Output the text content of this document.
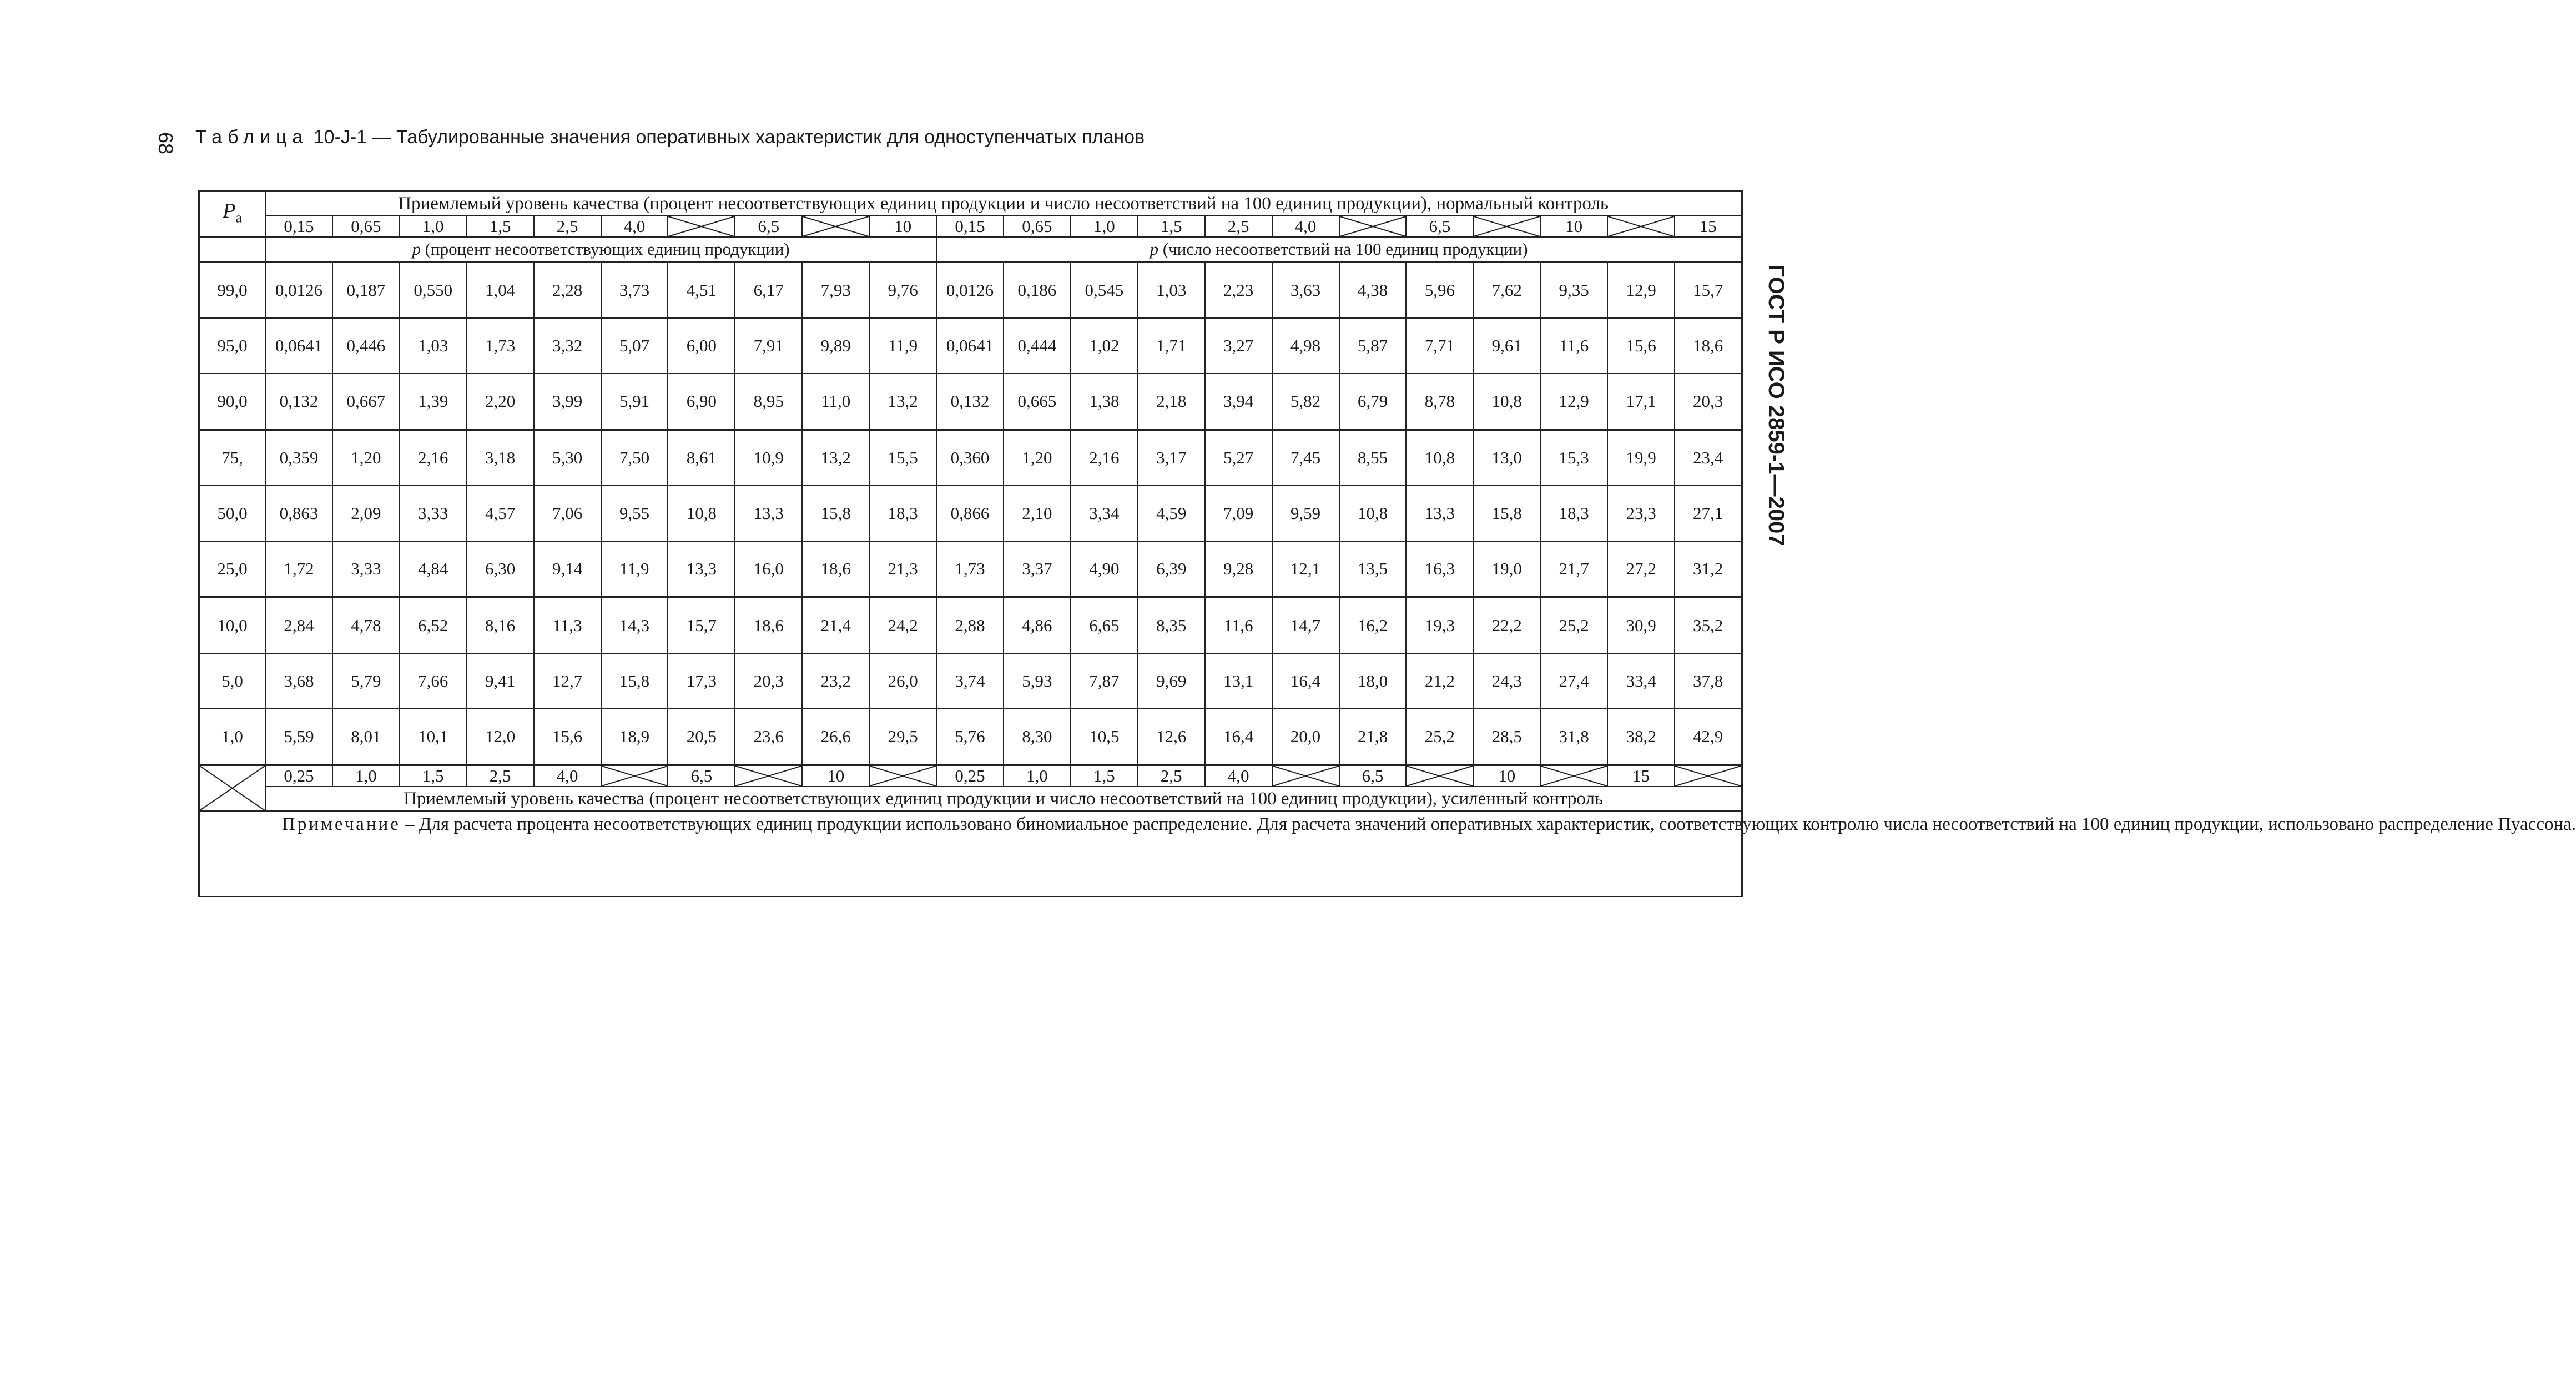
68 Таблица 10-J-1 — Табулированные значения оперативных характеристик для одноступенчатых планов
ГОСТ Р ИСО 2859-1—2007
$P_a$	Приемлемый уровень качества (процент несоответствующих единиц продукции и число несоответствий на 100 единиц продукции), нормальный контроль																					
	0,15	0,65	1,0	1,5	2,5	4,0		6,5		10	0,15	0,65	1,0	1,5	2,5	4,0		6,5		10		15
	p (процент несоответствующих единиц продукции)										p (число несоответствий на 100 единиц продукции)											
99,0	0,0126	0,187	0,550	1,04	2,28	3,73	4,51	6,17	7,93	9,76	0,0126	0,186	0,545	1,03	2,23	3,63	4,38	5,96	7,62	9,35	12,9	15,7
95,0	0,0641	0,446	1,03	1,73	3,32	5,07	6,00	7,91	9,89	11,9	0,0641	0,444	1,02	1,71	3,27	4,98	5,87	7,71	9,61	11,6	15,6	18,6
90,0	0,132	0,667	1,39	2,20	3,99	5,91	6,90	8,95	11,0	13,2	0,132	0,665	1,38	2,18	3,94	5,82	6,79	8,78	10,8	12,9	17,1	20,3
75,	0,359	1,20	2,16	3,18	5,30	7,50	8,61	10,9	13,2	15,5	0,360	1,20	2,16	3,17	5,27	7,45	8,55	10,8	13,0	15,3	19,9	23,4
50,0	0,863	2,09	3,33	4,57	7,06	9,55	10,8	13,3	15,8	18,3	0,866	2,10	3,34	4,59	7,09	9,59	10,8	13,3	15,8	18,3	23,3	27,1
25,0	1,72	3,33	4,84	6,30	9,14	11,9	13,3	16,0	18,6	21,3	1,73	3,37	4,90	6,39	9,28	12,1	13,5	16,3	19,0	21,7	27,2	31,2
10,0	2,84	4,78	6,52	8,16	11,3	14,3	15,7	18,6	21,4	24,2	2,88	4,86	6,65	8,35	11,6	14,7	16,2	19,3	22,2	25,2	30,9	35,2
5,0	3,68	5,79	7,66	9,41	12,7	15,8	17,3	20,3	23,2	26,0	3,74	5,93	7,87	9,69	13,1	16,4	18,0	21,2	24,3	27,4	33,4	37,8
1,0	5,59	8,01	10,1	12,0	15,6	18,9	20,5	23,6	26,6	29,5	5,76	8,30	10,5	12,6	16,4	20,0	21,8	25,2	28,5	31,8	38,2	42,9

	0,25	1,0	1,5	2,5	4,0		6,5		10		0,25	1,0	1,5	2,5	4,0		6,5		10		15	

	Приемлемый уровень качества (процент несоответствующих единиц продукции и число несоответствий на 100 единиц продукции), усиленный контроль																					
Примечание – Для расчета процента несоответствующих единиц продукции использовано биномиальное распределение. Для расчета значений оперативных характеристик, соответствующих контролю числа несоответствий на 100 единиц продукции, использовано распределение Пуассона.																						
